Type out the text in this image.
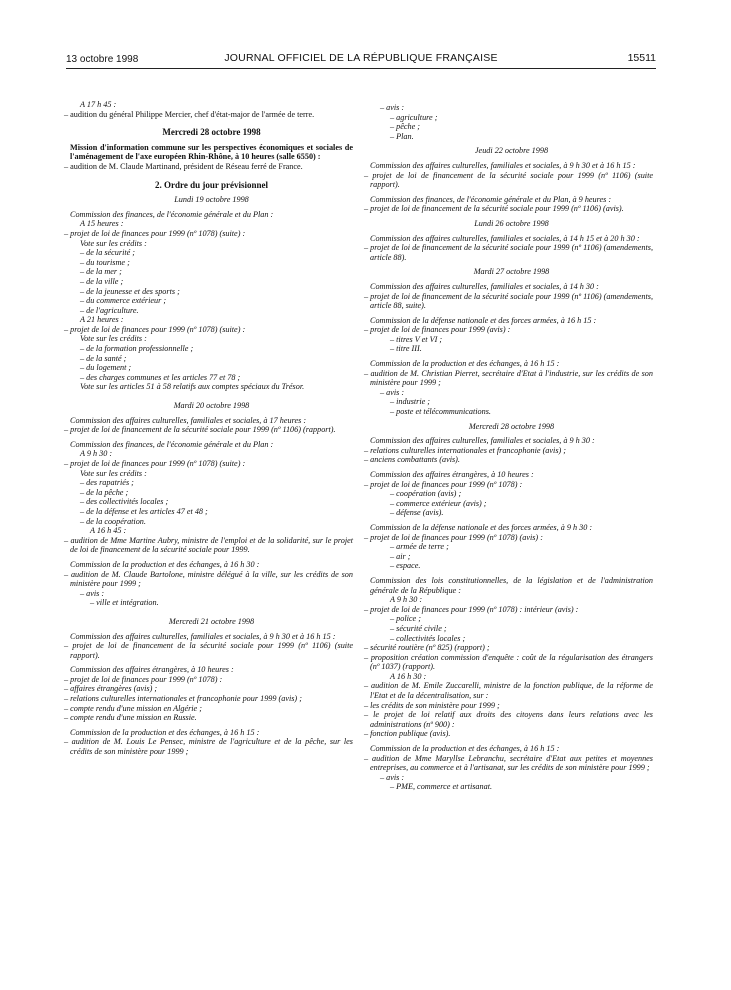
13 octobre 1998	JOURNAL OFFICIEL DE LA RÉPUBLIQUE FRANÇAISE	15511

A 17 h 45 :

– audition du général Philippe Mercier, chef d'état-major de l'armée de terre.

Mercredi 28 octobre 1998

Mission d'information commune sur les perspectives économiques et sociales de l'aménagement de l'axe européen Rhin-Rhône, à 10 heures (salle 6550) :

– audition de M. Claude Martinand, président de Réseau ferré de France.

2. Ordre du jour prévisionnel

Lundi 19 octobre 1998

Commission des finances, de l'économie générale et du Plan :

A 15 heures :

– projet de loi de finances pour 1999 (nº 1078) (suite) :

Vote sur les crédits :

– de la sécurité ;

– du tourisme ;

– de la mer ;

– de la ville ;

– de la jeunesse et des sports ;

– du commerce extérieur ;

– de l'agriculture.

A 21 heures :

– projet de loi de finances pour 1999 (nº 1078) (suite) :

Vote sur les crédits :

– de la formation professionnelle ;

– de la santé ;

– du logement ;

– des charges communes et les articles 77 et 78 ;

Vote sur les articles 51 à 58 relatifs aux comptes spéciaux du Trésor.

Mardi 20 octobre 1998

Commission des affaires culturelles, familiales et sociales, à 17 heures :

– projet de loi de financement de la sécurité sociale pour 1999 (nº 1106) (rapport).

Commission des finances, de l'économie générale et du Plan :

A 9 h 30 :

– projet de loi de finances pour 1999 (nº 1078) (suite) :

Vote sur les crédits :

– des rapatriés ;

– de la pêche ;

– des collectivités locales ;

– de la défense et les articles 47 et 48 ;

– de la coopération.

A 16 h 45 :

– audition de Mme Martine Aubry, ministre de l'emploi et de la solidarité, sur le projet de loi de financement de la sécurité sociale pour 1999.

Commission de la production et des échanges, à 16 h 30 :

– audition de M. Claude Bartolone, ministre délégué à la ville, sur les crédits de son ministère pour 1999 ;

– avis :

– ville et intégration.

Mercredi 21 octobre 1998

Commission des affaires culturelles, familiales et sociales, à 9 h 30 et à 16 h 15 :

– projet de loi de financement de la sécurité sociale pour 1999 (nº 1106) (suite rapport).

Commission des affaires étrangères, à 10 heures :

– projet de loi de finances pour 1999 (nº 1078) :

– affaires étrangères (avis) ;

– relations culturelles internationales et francophonie pour 1999 (avis) ;

– compte rendu d'une mission en Algérie ;

– compte rendu d'une mission en Russie.

Commission de la production et des échanges, à 16 h 15 :

– audition de M. Louis Le Pensec, ministre de l'agriculture et de la pêche, sur les crédits de son ministère pour 1999 ;

– avis :

– agriculture ;

– pêche ;

– Plan.

Jeudi 22 octobre 1998

Commission des affaires culturelles, familiales et sociales, à 9 h 30 et à 16 h 15 :

– projet de loi de financement de la sécurité sociale pour 1999 (nº 1106) (suite rapport).

Commission des finances, de l'économie générale et du Plan, à 9 heures :

– projet de loi de financement de la sécurité sociale pour 1999 (nº 1106) (avis).

Lundi 26 octobre 1998

Commission des affaires culturelles, familiales et sociales, à 14 h 15 et à 20 h 30 :

– projet de loi de financement de la sécurité sociale pour 1999 (nº 1106) (amendements, article 88).

Mardi 27 octobre 1998

Commission des affaires culturelles, familiales et sociales, à 14 h 30 :

– projet de loi de financement de la sécurité sociale pour 1999 (nº 1106) (amendements, article 88, suite).

Commission de la défense nationale et des forces armées, à 16 h 15 :

– projet de loi de finances pour 1999 (avis) :

– titres V et VI ;

– titre III.

Commission de la production et des échanges, à 16 h 15 :

– audition de M. Christian Pierret, secrétaire d'Etat à l'industrie, sur les crédits de son ministère pour 1999 ;

– avis :

– industrie ;

– poste et télécommunications.

Mercredi 28 octobre 1998

Commission des affaires culturelles, familiales et sociales, à 9 h 30 :

– relations culturelles internationales et francophonie (avis) ;

– anciens combattants (avis).

Commission des affaires étrangères, à 10 heures :

– projet de loi de finances pour 1999 (nº 1078) :

– coopération (avis) ;

– commerce extérieur (avis) ;

– défense (avis).

Commission de la défense nationale et des forces armées, à 9 h 30 :

– projet de loi de finances pour 1999 (nº 1078) (avis) :

– armée de terre ;

– air ;

– espace.

Commission des lois constitutionnelles, de la législation et de l'administration générale de la République :

A 9 h 30 :

– projet de loi de finances pour 1999 (nº 1078) : intérieur (avis) :

– police ;

– sécurité civile ;

– collectivités locales ;

– sécurité routière (nº 825) (rapport) ;

– proposition création commission d'enquête : coût de la régularisation des étrangers (nº 1037) (rapport).

A 16 h 30 :

– audition de M. Emile Zuccarelli, ministre de la fonction publique, de la réforme de l'Etat et de la décentralisation, sur :

– les crédits de son ministère pour 1999 ;

– le projet de loi relatif aux droits des citoyens dans leurs relations avec les administrations (nº 900) :

– fonction publique (avis).

Commission de la production et des échanges, à 16 h 15 :

– audition de Mme Maryllse Lebranchu, secrétaire d'Etat aux petites et moyennes entreprises, au commerce et à l'artisanat, sur les crédits de son ministère pour 1999 ;

– avis :

– PME, commerce et artisanat.
